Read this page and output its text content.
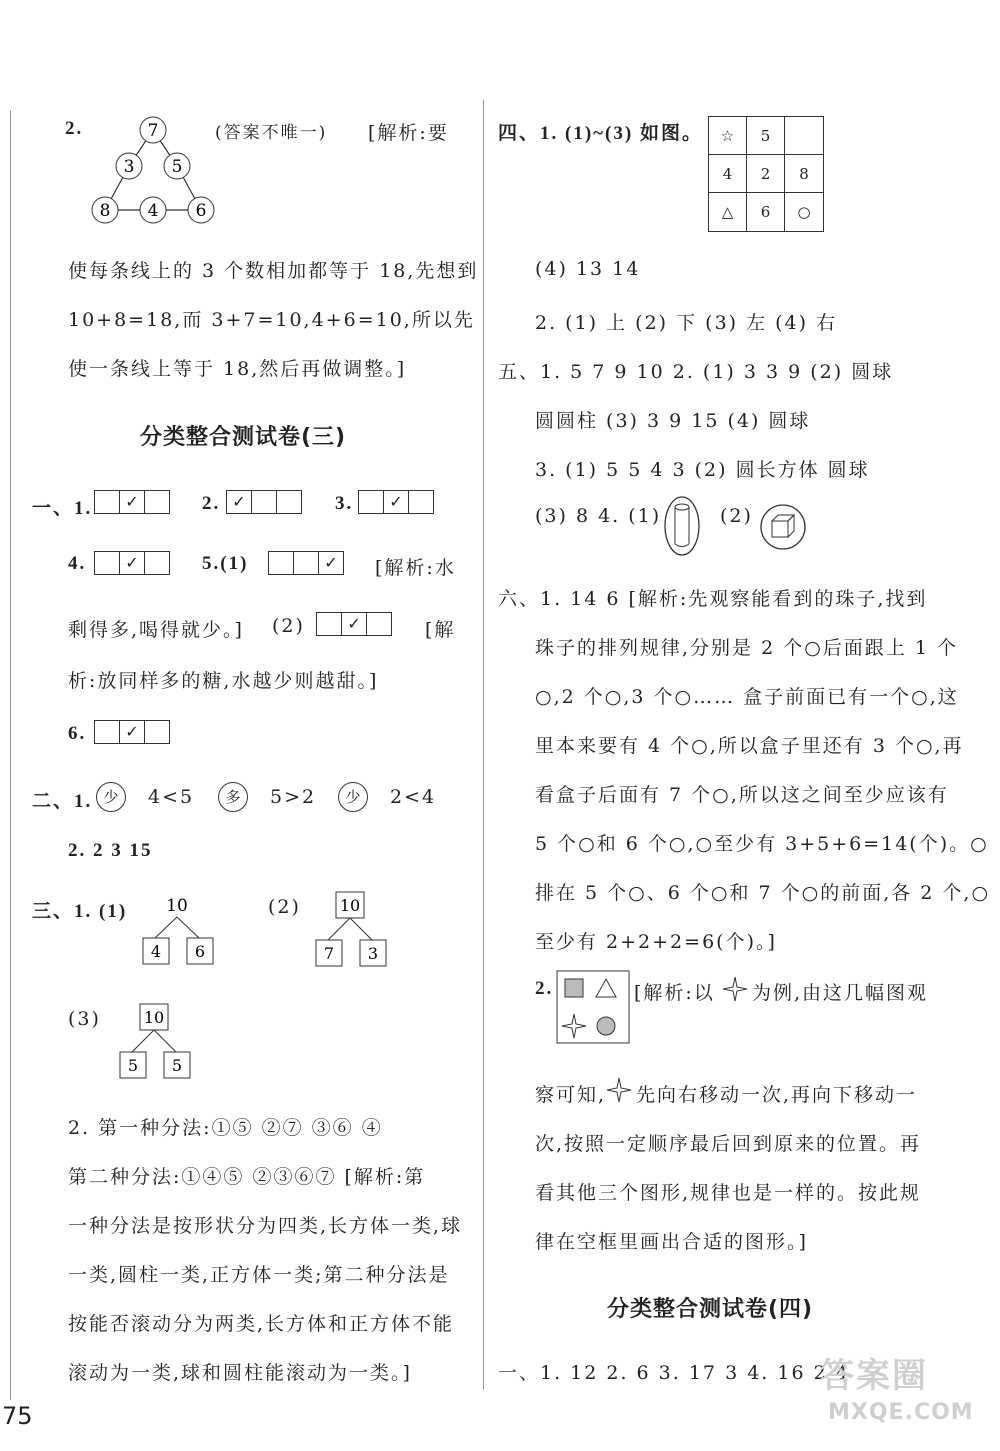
2.	7
3 5
8 4 6
(答案不唯一) [解析:要
使每条线上的 3 个数相加都等于 18,先想到
10+8=18,而 3+7=10,4+6=10,所以先
使一条线上等于 18,然后再做调整。]
分类整合测试卷(三)
一、1.	✓	2. ✓	3.	✓
4.	✓	5.(1)	✓	[解析:水
剩得多,喝得就少。] (2)	✓	[解
析:放同样多的糖,水越少则越甜。]
6.	✓
二、1. 少	4<5	多	5>2	少	2<4
2. 2 3 15
三、1. (1) 10
4 6
(2) 10
7 3
(3)	10
5 5
2. 第一种分法:①⑤ ②⑦ ③⑥ ④
第二种分法:①④⑤ ②③⑥⑦ [解析:第
一种分法是按形状分为四类,长方体一类,球
一类,圆柱一类,正方体一类;第二种分法是
按能否滚动分为两类,长方体和正方体不能
滚动为一类,球和圆柱能滚动为一类。]
75
四、1. (1)~(3) 如图。	☆	5
4	2	8
△	6	○
(4) 13 14
2. (1) 上 (2) 下 (3) 左 (4) 右
五、1. 5 7 9 10 2. (1) 3 3 9 (2) 圆球
圆圆柱 (3) 3 9 15 (4) 圆球
3. (1) 5 5 4 3 (2) 圆长方体 圆球
(3) 8 4. (1)	(2)
六、1. 14 6 [解析:先观察能看到的珠子,找到
珠子的排列规律,分别是 2 个○后面跟上 1 个
○,2 个○,3 个○…… 盒子前面已有一个○,这
里本来要有 4 个○,所以盒子里还有 3 个○,再
看盒子后面有 7 个○,所以这之间至少应该有
5 个○和 6 个○,○至少有 3+5+6=14(个)。○
排在 5 个○、6 个○和 7 个○的前面,各 2 个,○
至少有 2+2+2=6(个)。]
2.	[解析:以 为例,由这几幅图观
察可知, 先向右移动一次,再向下移动一
次,按照一定顺序最后回到原来的位置。再
看其他三个图形,规律也是一样的。按此规
律在空框里画出合适的图形。]
分类整合测试卷(四)
一、1. 12 2. 6 3. 17 3 4. 16 2 4
答案圈
MXQE.COM
